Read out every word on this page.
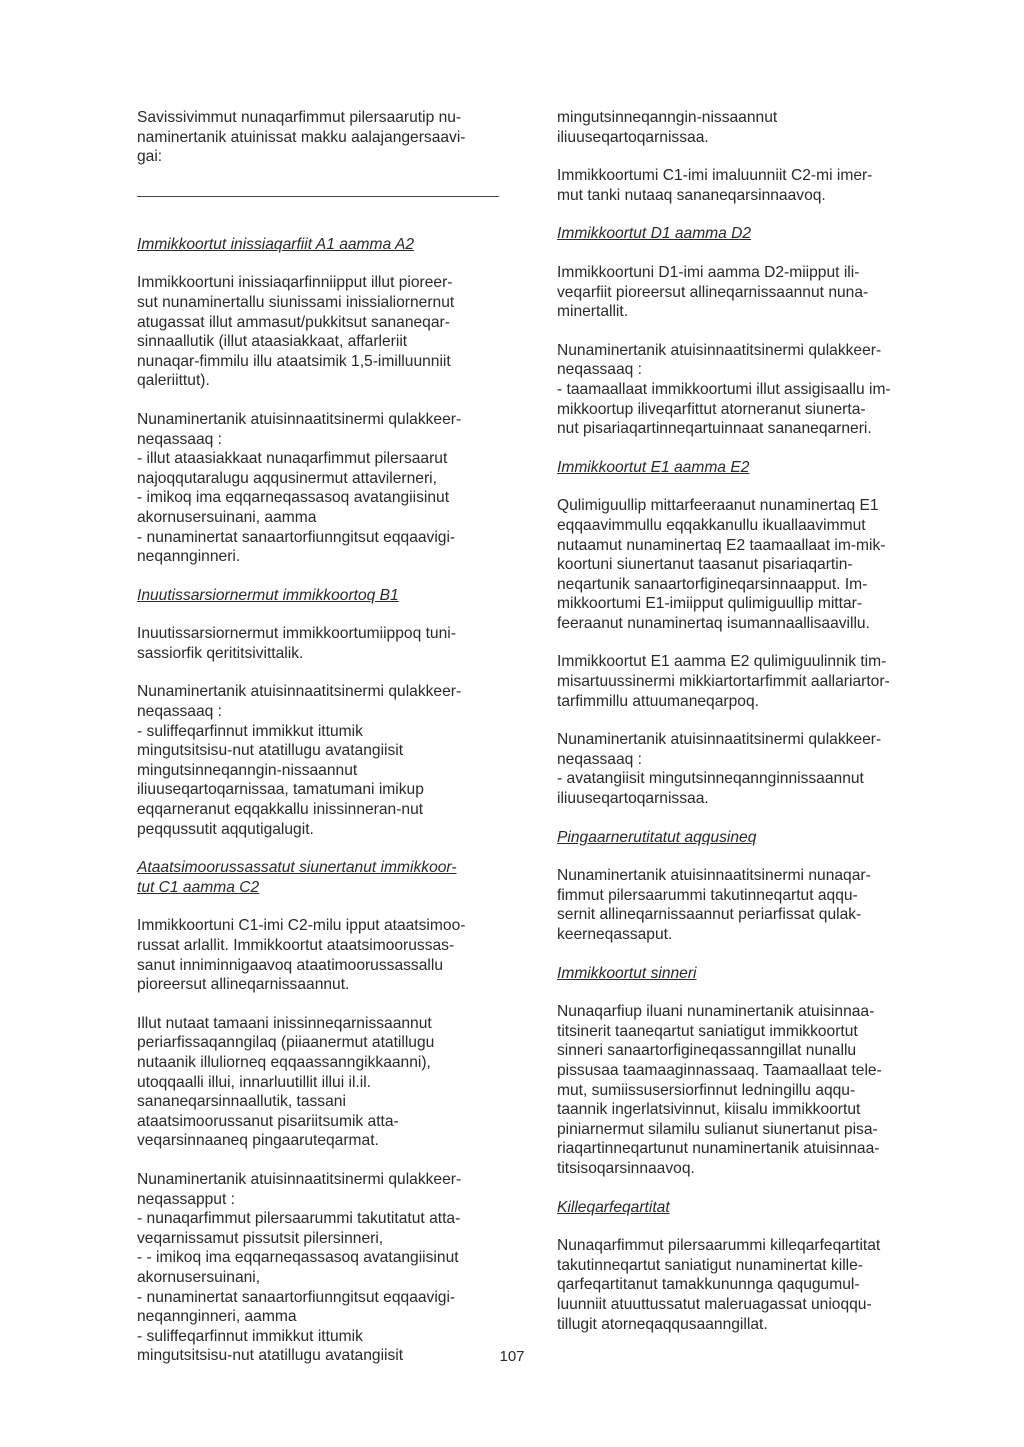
Savissivimmut nunaqarfimmut pilersaarutip nu-
naminertanik atuinissat makku aalajangersaavi-
gai:

Immikkoortut inissiaqarfiit A1 aamma A2

Immikkoortuni inissiaqarfinniipput illut pioreer-
sut nunaminertallu siunissami inissialiornernut
atugassat illut ammasut/pukkitsut sananeqar-
sinnaallutik (illut ataasiakkaat, affarleriit
nunaqar-fimmilu illu ataatsimik 1,5-imilluunniit
qaleriittut).

Nunaminertanik atuisinnaatitsinermi qulakkeer-
neqassaaq :
- illut ataasiakkaat nunaqarfimmut pilersaarut
najoqqutaralugu aqqusinermut attavilerneri,
- imikoq ima eqqarneqassasoq avatangiisinut
akornusersuinani, aamma
- nunaminertat sanaartorfiunngitsut eqqaavigi-
neqannginneri.

Inuutissarsiornermut immikkoortoq B1

Inuutissarsiornermut immikkoortumiippoq tuni-
sassiorfik qerititsivittalik.

Nunaminertanik atuisinnaatitsinermi qulakkeer-
neqassaaq :
- suliffeqarfinnut immikkut ittumik
mingutsitsisu-nut atatillugu avatangiisit
mingutsinneqanngin-nissaannut
iliuuseqartoqarnissaa, tamatumani imikup
eqqarneranut eqqakkallu inissinneran-nut
peqqussutit aqqutigalugit.

Ataatsimoorussassatut siunertanut immikkoor-
tut C1 aamma C2

Immikkoortuni C1-imi C2-milu ipput ataatsimoo-
russat arlallit. Immikkoortut ataatsimoorussas-
sanut inniminnigaavoq ataatimoorussassallu
pioreersut allineqarnissaannut.

Illut nutaat tamaani inissinneqarnissaannut
periarfissaqanngilaq (piiaanermut atatillugu
nutaanik illuliorneq eqqaassanngikkaanni),
utoqqaalli illui, innarluutillit illui il.il.
sananeqarsinnaallutik, tassani
ataatsimoorussanut pisariitsumik atta-
veqarsinnaaneq pingaaruteqarmat.

Nunaminertanik atuisinnaatitsinermi qulakkeer-
neqassapput :
- nunaqarfimmut pilersaarummi takutitatut atta-
veqarnissamut pissutsit pilersinneri,
- - imikoq ima eqqarneqassasoq avatangiisinut
akornusersuinani,
- nunaminertat sanaartorfiunngitsut eqqaavigi-
neqannginneri, aamma
- suliffeqarfinnut immikkut ittumik
mingutsitsisu-nut atatillugu avatangiisit

mingutsinneqanngin-nissaannut
iliuuseqartoqarnissaa.

Immikkoortumi C1-imi imaluunniit C2-mi imer-
mut tanki nutaaq sananeqarsinnaavoq.

Immikkoortut D1 aamma D2

Immikkoortuni D1-imi aamma D2-miipput ili-
veqarfiit pioreersut allineqarnissaannut nuna-
minertallit.

Nunaminertanik atuisinnaatitsinermi qulakkeer-
neqassaaq :
- taamaallaat immikkoortumi illut assigisaallu im-
mikkoortup iliveqarfittut atorneranut siunerta-
nut pisariaqartinneqartuinnaat sananeqarneri.

Immikkoortut E1 aamma E2

Qulimiguullip mittarfeeraanut nunaminertaq E1
eqqaavimmullu eqqakkanullu ikuallaavimmut
nutaamut nunaminertaq E2 taamaallaat im-mik-
koortuni siunertanut taasanut pisariaqartin-
neqartunik sanaartorfigineqarsinnaapput. Im-
mikkoortumi E1-imiipput qulimiguullip mittar-
feeraanut nunaminertaq isumannaallisaavillu.

Immikkoortut E1 aamma E2 qulimiguulinnik tim-
misartuussinermi mikkiartortarfimmit aallariartor-
tarfimmillu attuumaneqarpoq.

Nunaminertanik atuisinnaatitsinermi qulakkeer-
neqassaaq :
- avatangiisit mingutsinneqannginnissaannut
iliuuseqartoqarnissaa.

Pingaarnerutitatut aqqusineq

Nunaminertanik atuisinnaatitsinermi nunaqar-
fimmut pilersaarummi takutinneqartut aqqu-
sernit allineqarnissaannut periarfissat qulak-
keerneqassaput.

Immikkoortut sinneri

Nunaqarfiup iluani nunaminertanik atuisinnaa-
titsinerit taaneqartut saniatigut immikkoortut
sinneri sanaartorfigineqassanngillat nunallu
pissusaa taamaaginnassaaq. Taamaallaat tele-
mut, sumiissusersiorfinnut ledningillu aqqu-
taannik ingerlatsivinnut, kiisalu immikkoortut
piniarnermut silamilu sulianut siunertanut pisa-
riaqartinneqartunut nunaminertanik atuisinnaa-
titsisoqarsinnaavoq.

Killeqarfeqartitat

Nunaqarfimmut pilersaarummi killeqarfeqartitat
takutinneqartut saniatigut nunaminertat kille-
qarfeqartitanut tamakkununnga qaqugumul-
luunniit atuuttussatut maleruagassat unioqqu-
tillugit atorneqaqqusaanngillat.

107
